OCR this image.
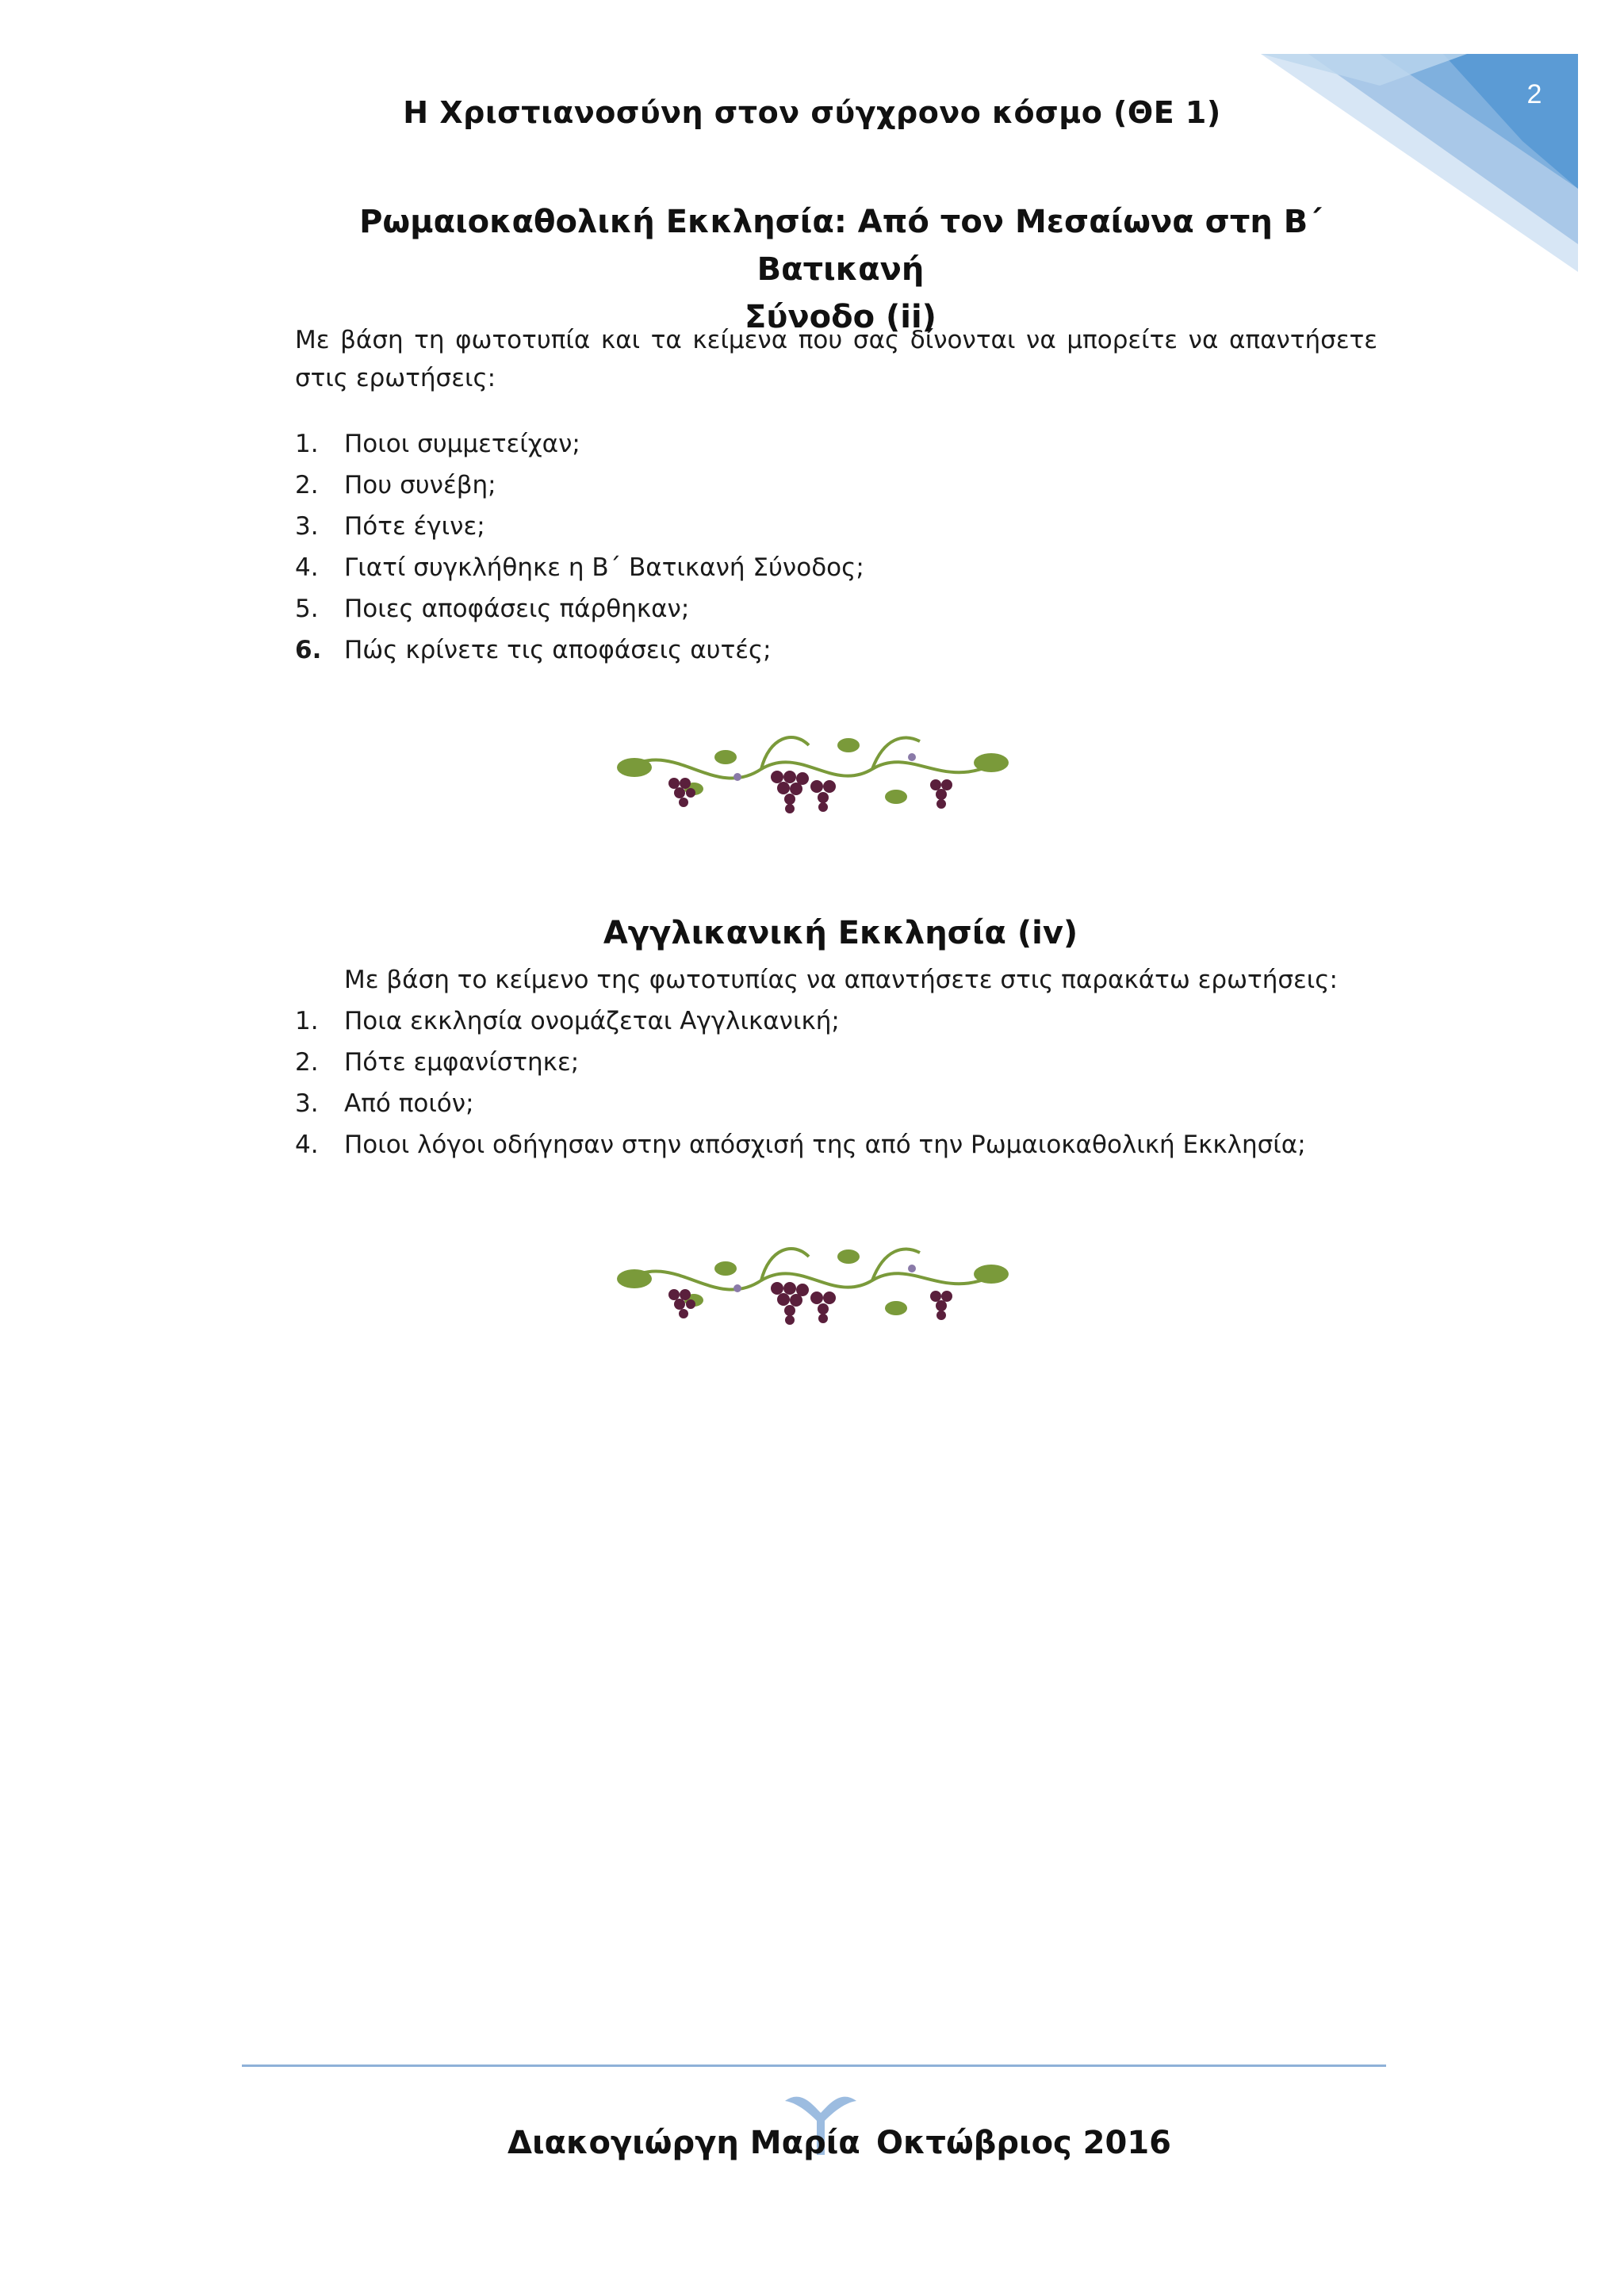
2
Η Χριστιανοσύνη στον σύγχρονο κόσμο (ΘΕ 1)
Ρωμαιοκαθολική Εκκλησία: Από τον Μεσαίωνα στη Β΄ Βατικανή
Σύνοδο (ii)
Με βάση τη φωτοτυπία και τα κείμενα που σας δίνονται να μπορείτε να απαντήσετε στις ερωτήσεις:
1. Ποιοι συμμετείχαν;
2. Που συνέβη;
3. Πότε έγινε;
4. Γιατί συγκλήθηκε η Β΄ Βατικανή Σύνοδος;
5. Ποιες αποφάσεις πάρθηκαν;
6. Πώς κρίνετε τις αποφάσεις αυτές;
Αγγλικανική Εκκλησία (iv)
Με βάση το κείμενο της φωτοτυπίας να απαντήσετε στις παρακάτω ερωτήσεις:
1. Ποια εκκλησία ονομάζεται Αγγλικανική;
2. Πότε εμφανίστηκε;
3. Από ποιόν;
4. Ποιοι λόγοι οδήγησαν στην απόσχισή της από την Ρωμαιοκαθολική Εκκλησία;
Διακογιώργη Μαρία Οκτώβριος 2016
